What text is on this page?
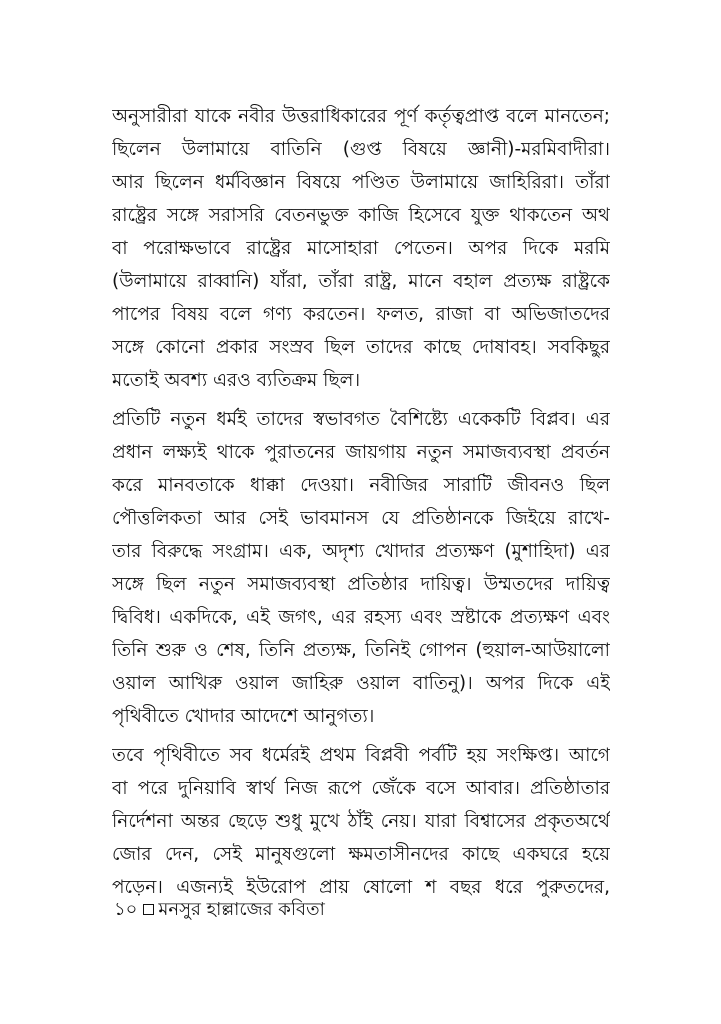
অনুসারীরা যাকে নবীর উত্তরাধিকারের পূর্ণ কর্তৃত্বপ্রাপ্ত বলে মানতেন;
ছিলেন উলামায়ে বাতিনি (গুপ্ত বিষয়ে জ্ঞানী)-মরমিবাদীরা।
আর ছিলেন ধর্মবিজ্ঞান বিষয়ে পণ্ডিত উলামায়ে জাহিরিরা। তাঁরা
রাষ্ট্রের সঙ্গে সরাসরি বেতনভুক্ত কাজি হিসেবে যুক্ত থাকতেন অথ
বা পরোক্ষভাবে রাষ্ট্রের মাসোহারা পেতেন। অপর দিকে মরমি
(উলামায়ে রাব্বানি) যাঁরা, তাঁরা রাষ্ট্র, মানে বহাল প্রত্যক্ষ রাষ্ট্রকে
পাপের বিষয় বলে গণ্য করতেন। ফলত, রাজা বা অভিজাতদের
সঙ্গে কোনো প্রকার সংস্রব ছিল তাদের কাছে দোষাবহ। সবকিছুর
মতোই অবশ্য এরও ব্যতিক্রম ছিল।
প্রতিটি নতুন ধর্মই তাদের স্বভাবগত বৈশিষ্ট্যে একেকটি বিপ্লব। এর
প্রধান লক্ষ্যই থাকে পুরাতনের জায়গায় নতুন সমাজব্যবস্থা প্রবর্তন
করে মানবতাকে ধাক্কা দেওয়া। নবীজির সারাটি জীবনও ছিল
পৌত্তলিকতা আর সেই ভাবমানস যে প্রতিষ্ঠানকে জিইয়ে রাখে-
তার বিরুদ্ধে সংগ্রাম। এক, অদৃশ্য খোদার প্রত্যক্ষণ (মুশাহিদা) এর
সঙ্গে ছিল নতুন সমাজব্যবস্থা প্রতিষ্ঠার দায়িত্ব। উম্মতদের দায়িত্ব
দ্বিবিধ। একদিকে, এই জগৎ, এর রহস্য এবং স্রষ্টাকে প্রত্যক্ষণ এবং
তিনি শুরু ও শেষ, তিনি প্রত্যক্ষ, তিনিই গোপন (হুয়াল-আউয়ালো
ওয়াল আখিরু ওয়াল জাহিরু ওয়াল বাতিনু)। অপর দিকে এই
পৃথিবীতে খোদার আদেশে আনুগত্য।
তবে পৃথিবীতে সব ধর্মেরই প্রথম বিপ্লবী পর্বটি হয় সংক্ষিপ্ত। আগে
বা পরে দুনিয়াবি স্বার্থ নিজ রূপে জেঁকে বসে আবার। প্রতিষ্ঠাতার
নির্দেশনা অন্তর ছেড়ে শুধু মুখে ঠাঁই নেয়। যারা বিশ্বাসের প্রকৃতঅর্থে
জোর দেন, সেই মানুষগুলো ক্ষমতাসীনদের কাছে একঘরে হয়ে
পড়েন। এজন্যই ইউরোপ প্রায় ষোলো শ বছর ধরে পুরুতদের,
১০ মনসুর হাল্লাজের কবিতা
